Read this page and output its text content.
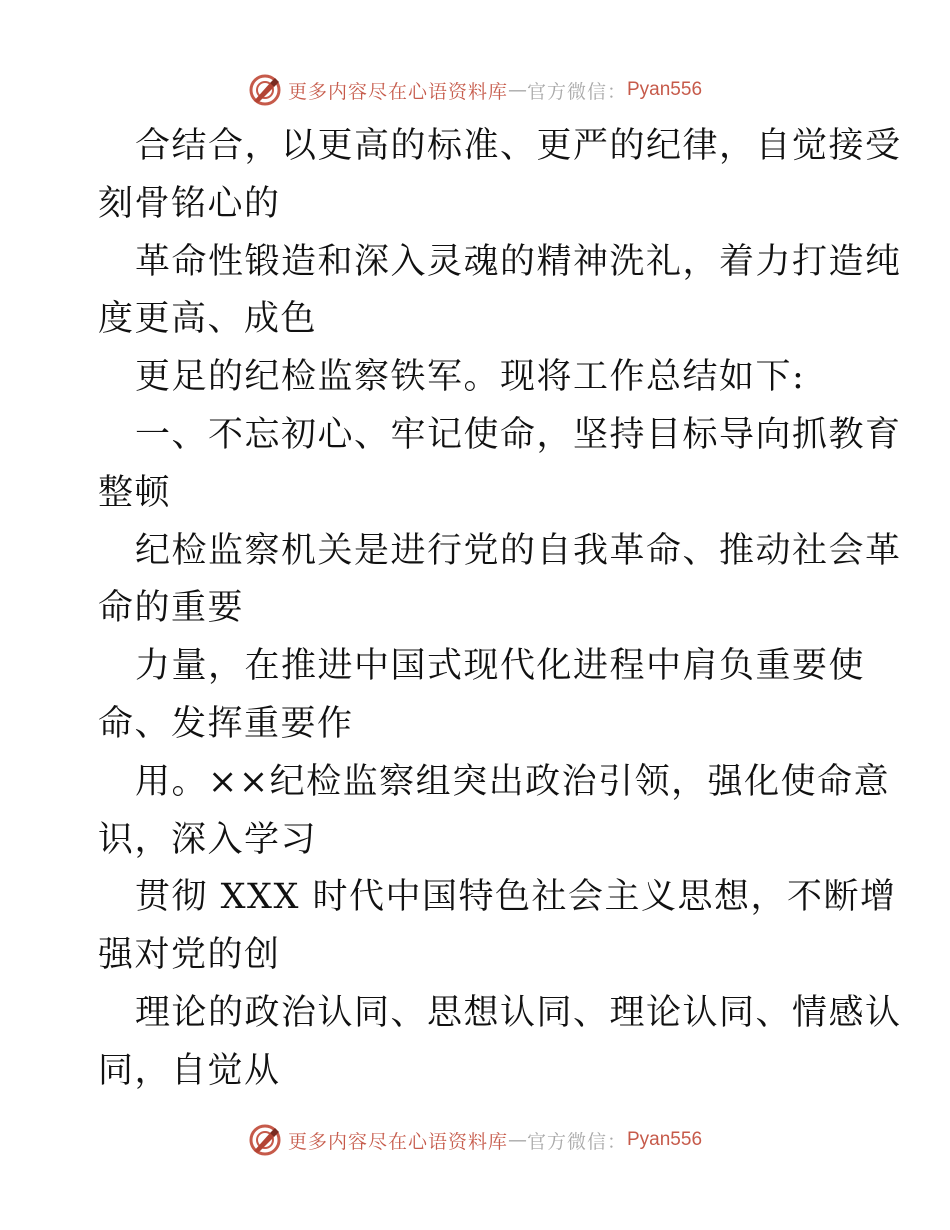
更多内容尽在心语资料库 — 官方微信： Pyan556
合结合，以更高的标准、更严的纪律，自觉接受
刻骨铭心的
革命性锻造和深入灵魂的精神洗礼，着力打造纯
度更高、成色
更足的纪检监察铁军。现将工作总结如下:
一、不忘初心、牢记使命，坚持目标导向抓教育
整顿
纪检监察机关是进行党的自我革命、推动社会革
命的重要
力量，在推进中国式现代化进程中肩负重要使
命、发挥重要作
用。××纪检监察组突出政治引领，强化使命意
识，深入学习
贯彻 XXX 时代中国特色社会主义思想，不断增
强对党的创
理论的政治认同、思想认同、理论认同、情感认
同，自觉从
更多内容尽在心语资料库 — 官方微信： Pyan556
